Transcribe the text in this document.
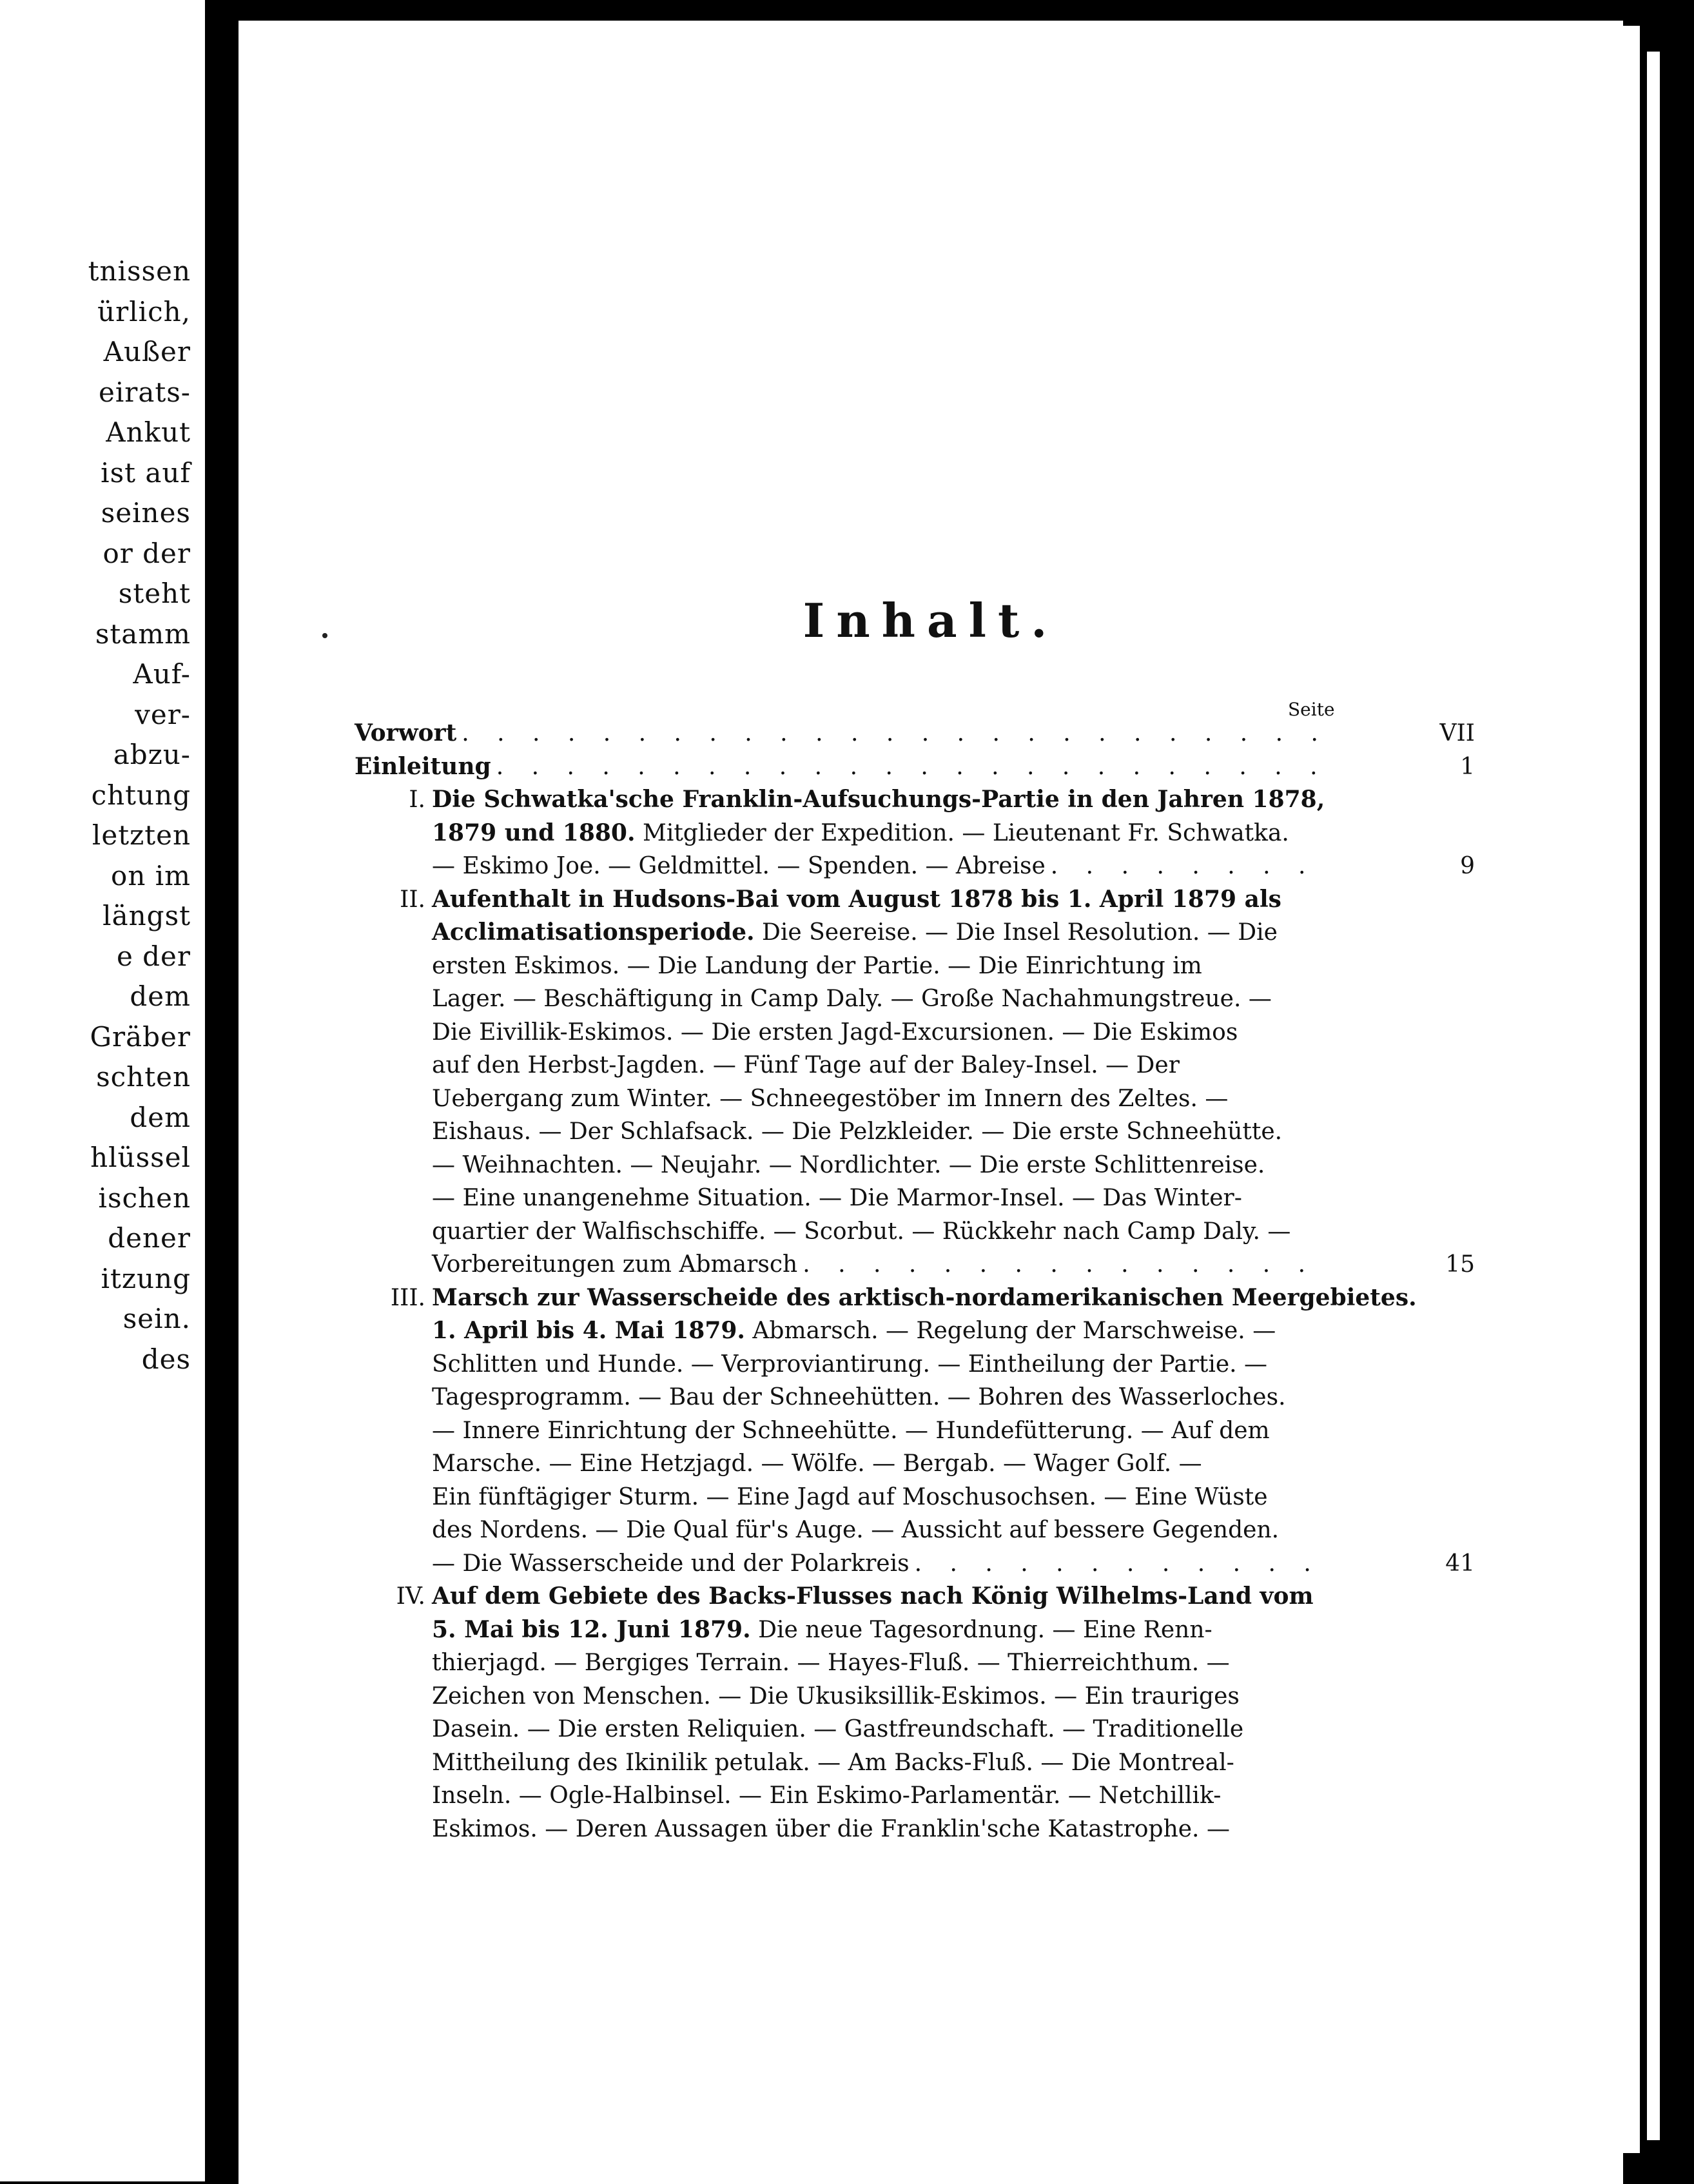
tnissen
ürlich,
Außer
eirats-
Ankut
ist auf
seines
or der
steht
stamm
Auf-
ver-
abzu-
chtung
letzten
on im
längst
e der
dem
Gräber
schten
dem
hlüssel
ischen
dener
itzung
sein.
des
Inhalt.
Seite
Vorwort . . .	VII
Einleitung . . .	1
I. Die Schwatka'sche Franklin-Aufsuchungs-Partie in den Jahren 1878,
1879 und 1880. Mitglieder der Expedition. — Lieutenant Fr. Schwatka.
— Eskimo Joe. — Geldmittel. — Spenden. — Abreise . . .	9
II. Aufenthalt in Hudsons-Bai vom August 1878 bis 1. April 1879 als
Acclimatisationsperiode. Die Seereise. — Die Insel Resolution. — Die
ersten Eskimos. — Die Landung der Partie. — Die Einrichtung im
Lager. — Beschäftigung in Camp Daly. — Große Nachahmungstreue. —
Die Eivillik-Eskimos. — Die ersten Jagd-Excursionen. — Die Eskimos
auf den Herbst-Jagden. — Fünf Tage auf der Baley-Insel. — Der
Uebergang zum Winter. — Schneegestöber im Innern des Zeltes. —
Eishaus. — Der Schlafsack. — Die Pelzkleider. — Die erste Schneehütte.
— Weihnachten. — Neujahr. — Nordlichter. — Die erste Schlittenreise.
— Eine unangenehme Situation. — Die Marmor-Insel. — Das Winter-
quartier der Walfischschiffe. — Scorbut. — Rückkehr nach Camp Daly. —
Vorbereitungen zum Abmarsch . . .	15
III. Marsch zur Wasserscheide des arktisch-nordamerikanischen Meergebietes.
1. April bis 4. Mai 1879. Abmarsch. — Regelung der Marschweise. —
Schlitten und Hunde. — Verproviantirung. — Eintheilung der Partie. —
Tagesprogramm. — Bau der Schneehütten. — Bohren des Wasserloches.
— Innere Einrichtung der Schneehütte. — Hundefütterung. — Auf dem
Marsche. — Eine Hetzjagd. — Wölfe. — Bergab. — Wager Golf. —
Ein fünftägiger Sturm. — Eine Jagd auf Moschusochsen. — Eine Wüste
des Nordens. — Die Qual für's Auge. — Aussicht auf bessere Gegenden.
— Die Wasserscheide und der Polarkreis . . .	41
IV. Auf dem Gebiete des Backs-Flusses nach König Wilhelms-Land vom
5. Mai bis 12. Juni 1879. Die neue Tagesordnung. — Eine Renn-
thierjagd. — Bergiges Terrain. — Hayes-Fluß. — Thierreichthum. —
Zeichen von Menschen. — Die Ukusiksillik-Eskimos. — Ein trauriges
Dasein. — Die ersten Reliquien. — Gastfreundschaft. — Traditionelle
Mittheilung des Ikinilik petulak. — Am Backs-Fluß. — Die Montreal-
Inseln. — Ogle-Halbinsel. — Ein Eskimo-Parlamentär. — Netchillik-
Eskimos. — Deren Aussagen über die Franklin'sche Katastrophe. —
